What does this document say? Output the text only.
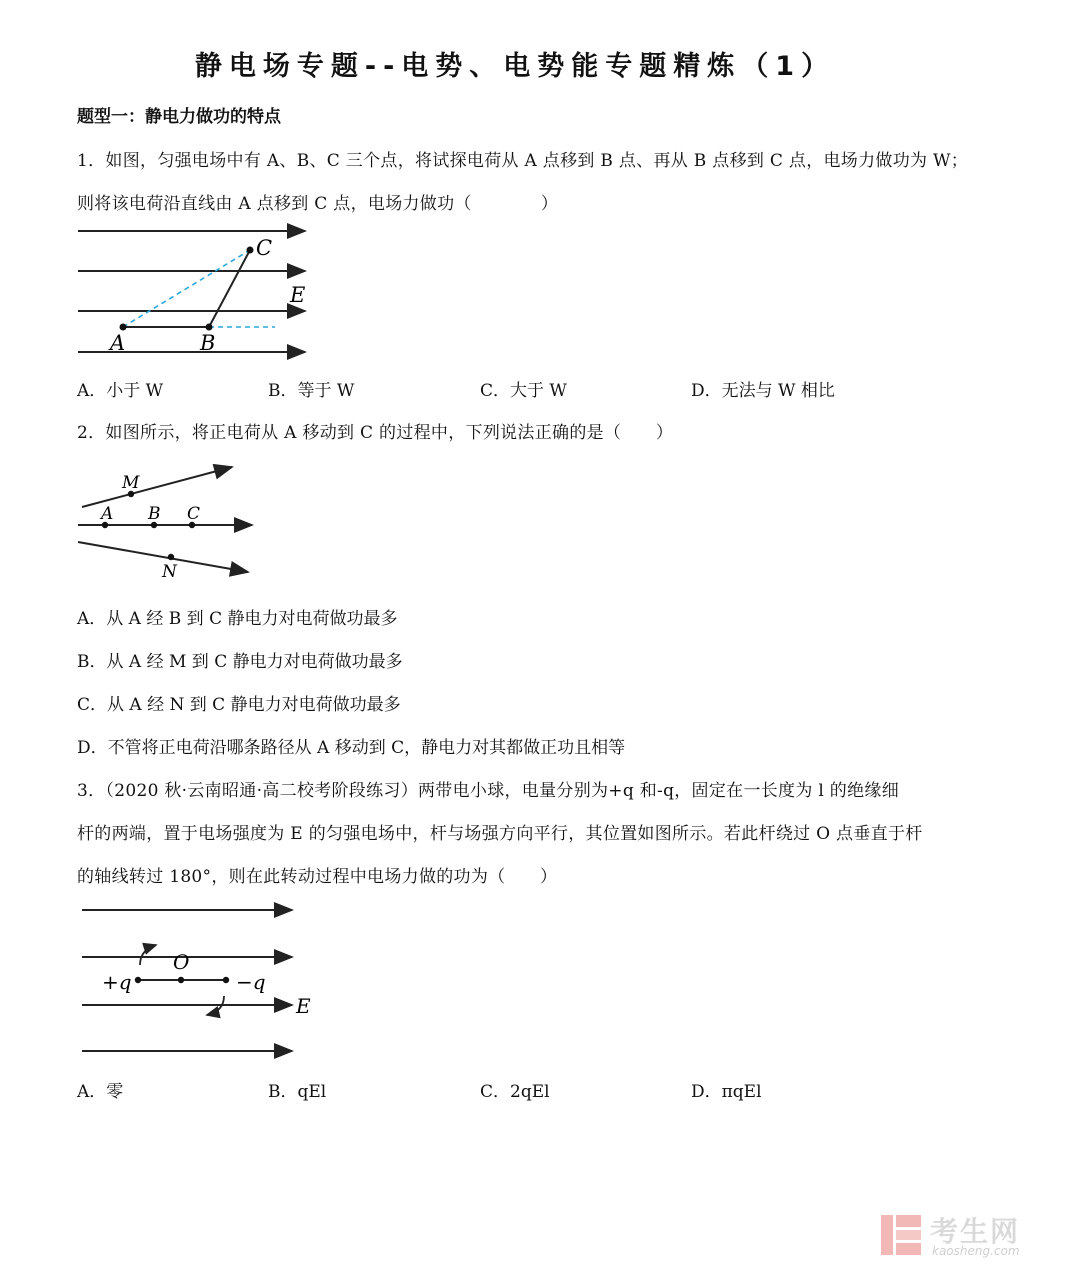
静电场专题--电势、电势能专题精炼（1）
题型一：静电力做功的特点
1．如图，匀强电场中有 A、B、C 三个点，将试探电荷从 A 点移到 B 点、再从 B 点移到 C 点，电场力做功为 W；
则将该电荷沿直线由 A 点移到 C 点，电场力做功（　　　　）
A	B
C
E
A．小于 W	B．等于 W	C．大于 W	D．无法与 W 相比
2．如图所示，将正电荷从 A 移动到 C 的过程中，下列说法正确的是（　　）
M
A B C
N
A．从 A 经 B 到 C 静电力对电荷做功最多
B．从 A 经 M 到 C 静电力对电荷做功最多
C．从 A 经 N 到 C 静电力对电荷做功最多
D．不管将正电荷沿哪条路径从 A 移动到 C，静电力对其都做正功且相等
3．（2020 秋·云南昭通·高二校考阶段练习）两带电小球，电量分别为+q 和-q，固定在一长度为 l 的绝缘细
杆的两端，置于电场强度为 E 的匀强电场中，杆与场强方向平行，其位置如图所示。若此杆绕过 O 点垂直于杆
的轴线转过 180°，则在此转动过程中电场力做的功为（　　）
+q
O
−q
E
A．零	B．qEl	C．2qEl	D．πqEl
考生网
kaosheng.com
